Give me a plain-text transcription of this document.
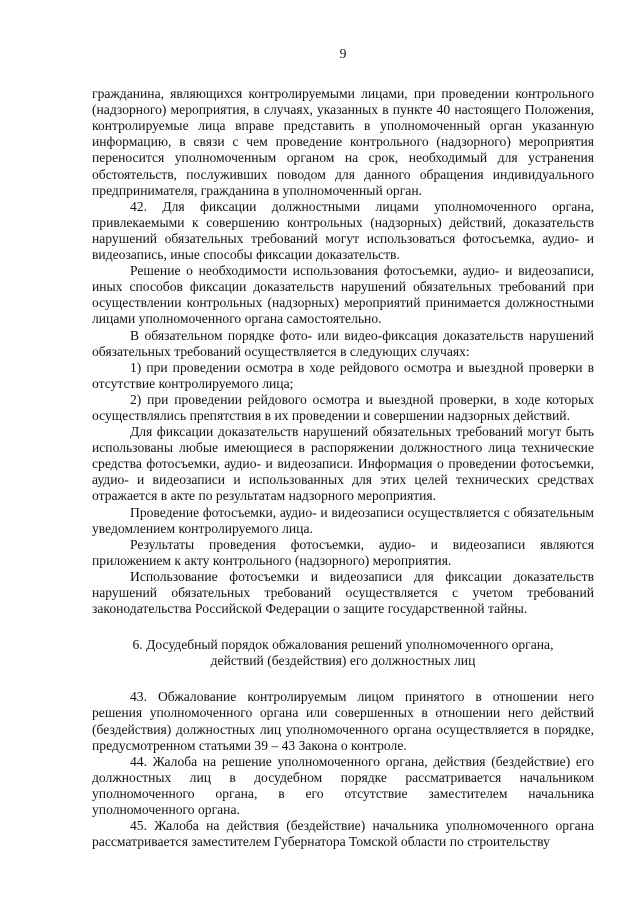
9

гражданина, являющихся контролируемыми лицами, при проведении контрольного (надзорного) мероприятия, в случаях, указанных в пункте 40 настоящего Положения, контролируемые лица вправе представить в уполномоченный орган указанную информацию, в связи с чем проведение контрольного (надзорного) мероприятия переносится уполномоченным органом на срок, необходимый для устранения обстоятельств, послуживших поводом для данного обращения индивидуального предпринимателя, гражданина в уполномоченный орган.

42. Для фиксации должностными лицами уполномоченного органа, привлекаемыми к совершению контрольных (надзорных) действий, доказательств нарушений обязательных требований могут использоваться фотосъемка, аудио- и видеозапись, иные способы фиксации доказательств.

Решение о необходимости использования фотосъемки, аудио- и видеозаписи, иных способов фиксации доказательств нарушений обязательных требований при осуществлении контрольных (надзорных) мероприятий принимается должностными лицами уполномоченного органа самостоятельно.

В обязательном порядке фото- или видео-фиксация доказательств нарушений обязательных требований осуществляется в следующих случаях:

1) при проведении осмотра в ходе рейдового осмотра и выездной проверки в отсутствие контролируемого лица;

2) при проведении рейдового осмотра и выездной проверки, в ходе которых осуществлялись препятствия в их проведении и совершении надзорных действий.

Для фиксации доказательств нарушений обязательных требований могут быть использованы любые имеющиеся в распоряжении должностного лица технические средства фотосъемки, аудио- и видеозаписи. Информация о проведении фотосъемки, аудио- и видеозаписи и использованных для этих целей технических средствах отражается в акте по результатам надзорного мероприятия.

Проведение фотосъемки, аудио- и видеозаписи осуществляется с обязательным уведомлением контролируемого лица.

Результаты проведения фотосъемки, аудио- и видеозаписи являются приложением к акту контрольного (надзорного) мероприятия.

Использование фотосъемки и видеозаписи для фиксации доказательств нарушений обязательных требований осуществляется с учетом требований законодательства Российской Федерации о защите государственной тайны.

6. Досудебный порядок обжалования решений уполномоченного органа,
действий (бездействия) его должностных лиц

43. Обжалование контролируемым лицом принятого в отношении него решения уполномоченного органа или совершенных в отношении него действий (бездействия) должностных лиц уполномоченного органа осуществляется в порядке, предусмотренном статьями 39 – 43 Закона о контроле.

44. Жалоба на решение уполномоченного органа, действия (бездействие) его должностных лиц в досудебном порядке рассматривается начальником уполномоченного органа, в его отсутствие заместителем начальника уполномоченного органа.

45. Жалоба на действия (бездействие) начальника уполномоченного органа рассматривается заместителем Губернатора Томской области по строительству
